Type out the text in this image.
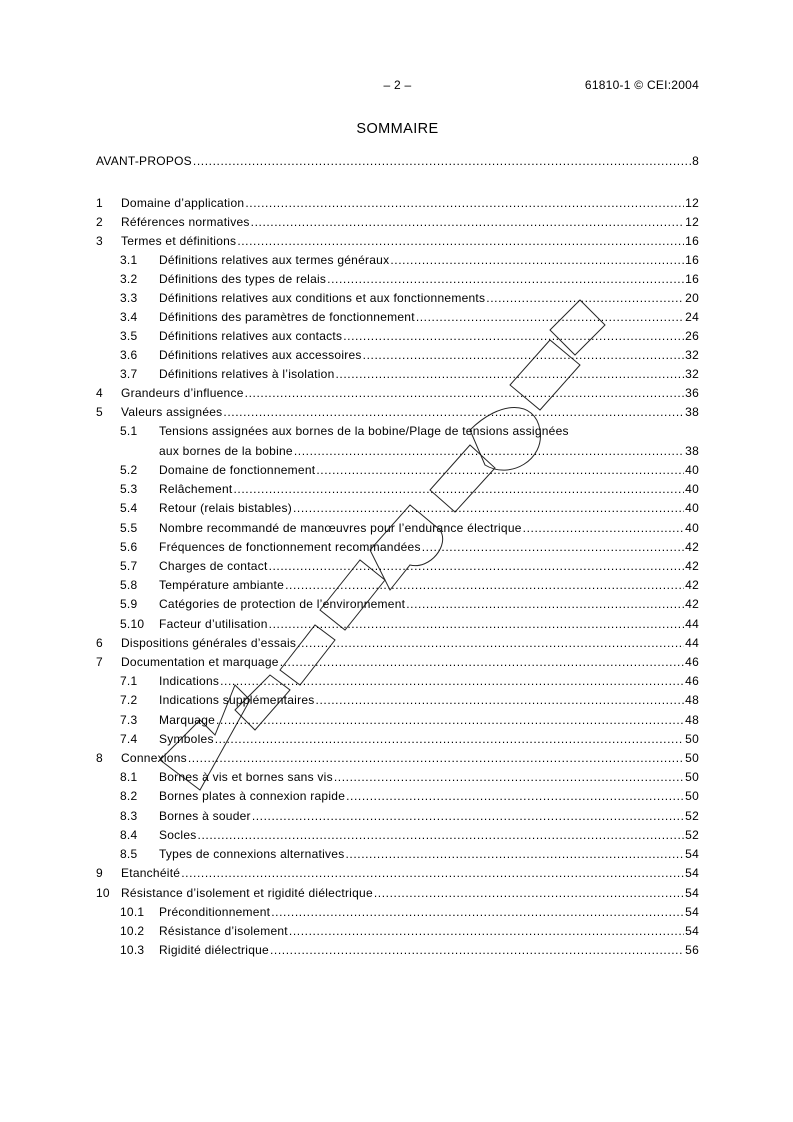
– 2 –	61810-1 © CEI:2004
SOMMAIRE
AVANT-PROPOS .....	8
1 Domaine d’application .....	12
2 Références normatives .....	12
3 Termes et définitions .....	16
3.1 Définitions relatives aux termes généraux .....	16
3.2 Définitions des types de relais .....	16
3.3 Définitions relatives aux conditions et aux fonctionnements .....	20
3.4 Définitions des paramètres de fonctionnement .....	24
3.5 Définitions relatives aux contacts .....	26
3.6 Définitions relatives aux accessoires .....	32
3.7 Définitions relatives à l’isolation .....	32
4 Grandeurs d’influence .....	36
5 Valeurs assignées .....	38
5.1 Tensions assignées aux bornes de la bobine/Plage de tensions assignées
aux bornes de la bobine .....	38
5.2 Domaine de fonctionnement .....	40
5.3 Relâchement .....	40
5.4 Retour (relais bistables) .....	40
5.5 Nombre recommandé de manœuvres pour l’endurance électrique .....	40
5.6 Fréquences de fonctionnement recommandées .....	42
5.7 Charges de contact .....	42
5.8 Température ambiante .....	42
5.9 Catégories de protection de l’environnement .....	42
5.10 Facteur d’utilisation .....	44
6 Dispositions générales d’essais .....	44
7 Documentation et marquage .....	46
7.1 Indications .....	46
7.2 Indications supplémentaires .....	48
7.3 Marquage .....	48
7.4 Symboles .....	50
8 Connexions .....	50
8.1 Bornes à vis et bornes sans vis .....	50
8.2 Bornes plates à connexion rapide .....	50
8.3 Bornes à souder .....	52
8.4 Socles .....	52
8.5 Types de connexions alternatives .....	54
9 Etanchéité .....	54
10 Résistance d’isolement et rigidité diélectrique .....	54
10.1 Préconditionnement .....	54
10.2 Résistance d’isolement .....	54
10.3 Rigidité diélectrique .....	56
